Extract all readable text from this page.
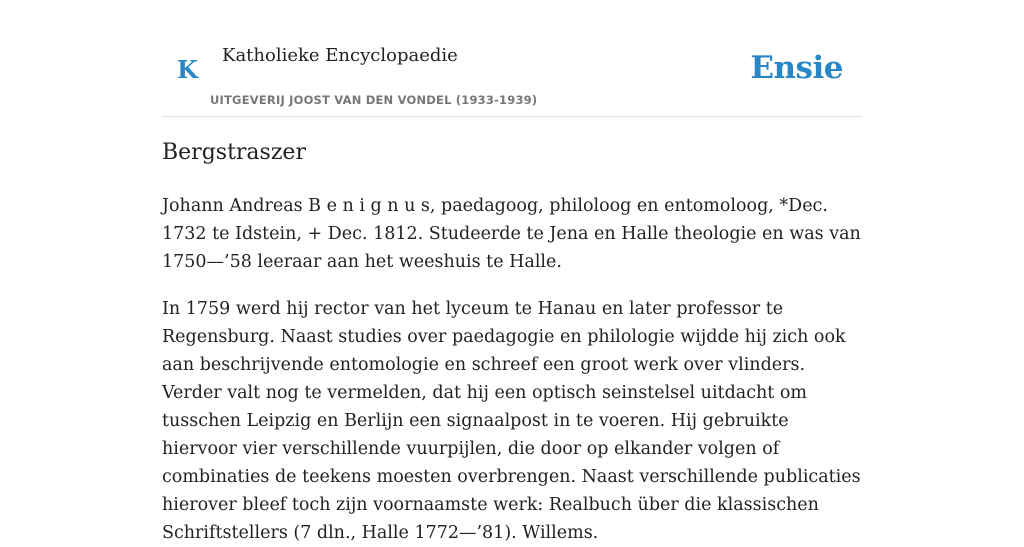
K Katholieke Encyclopaedie
UITGEVERIJ JOOST VAN DEN VONDEL (1933-1939)
Ensie
Bergstraszer

Johann Andreas B e n i g n u s, paedagoog, philoloog en entomoloog, *Dec. 1732 te Idstein, + Dec. 1812. Studeerde te Jena en Halle theologie en was van 1750—’58 leeraar aan het weeshuis te Halle.

In 1759 werd hij rector van het lyceum te Hanau en later professor te Regensburg. Naast studies over paedagogie en philologie wijdde hij zich ook aan beschrijvende entomologie en schreef een groot werk over vlinders. Verder valt nog te vermelden, dat hij een optisch seinstelsel uitdacht om tusschen Leipzig en Berlijn een signaalpost in te voeren. Hij gebruikte hiervoor vier verschillende vuurpijlen, die door op elkander volgen of combinaties de teekens moesten overbrengen. Naast verschillende publicaties hierover bleef toch zijn voornaamste werk: Realbuch über die klassischen Schriftstellers (7 dln., Halle 1772—’81). Willems.
